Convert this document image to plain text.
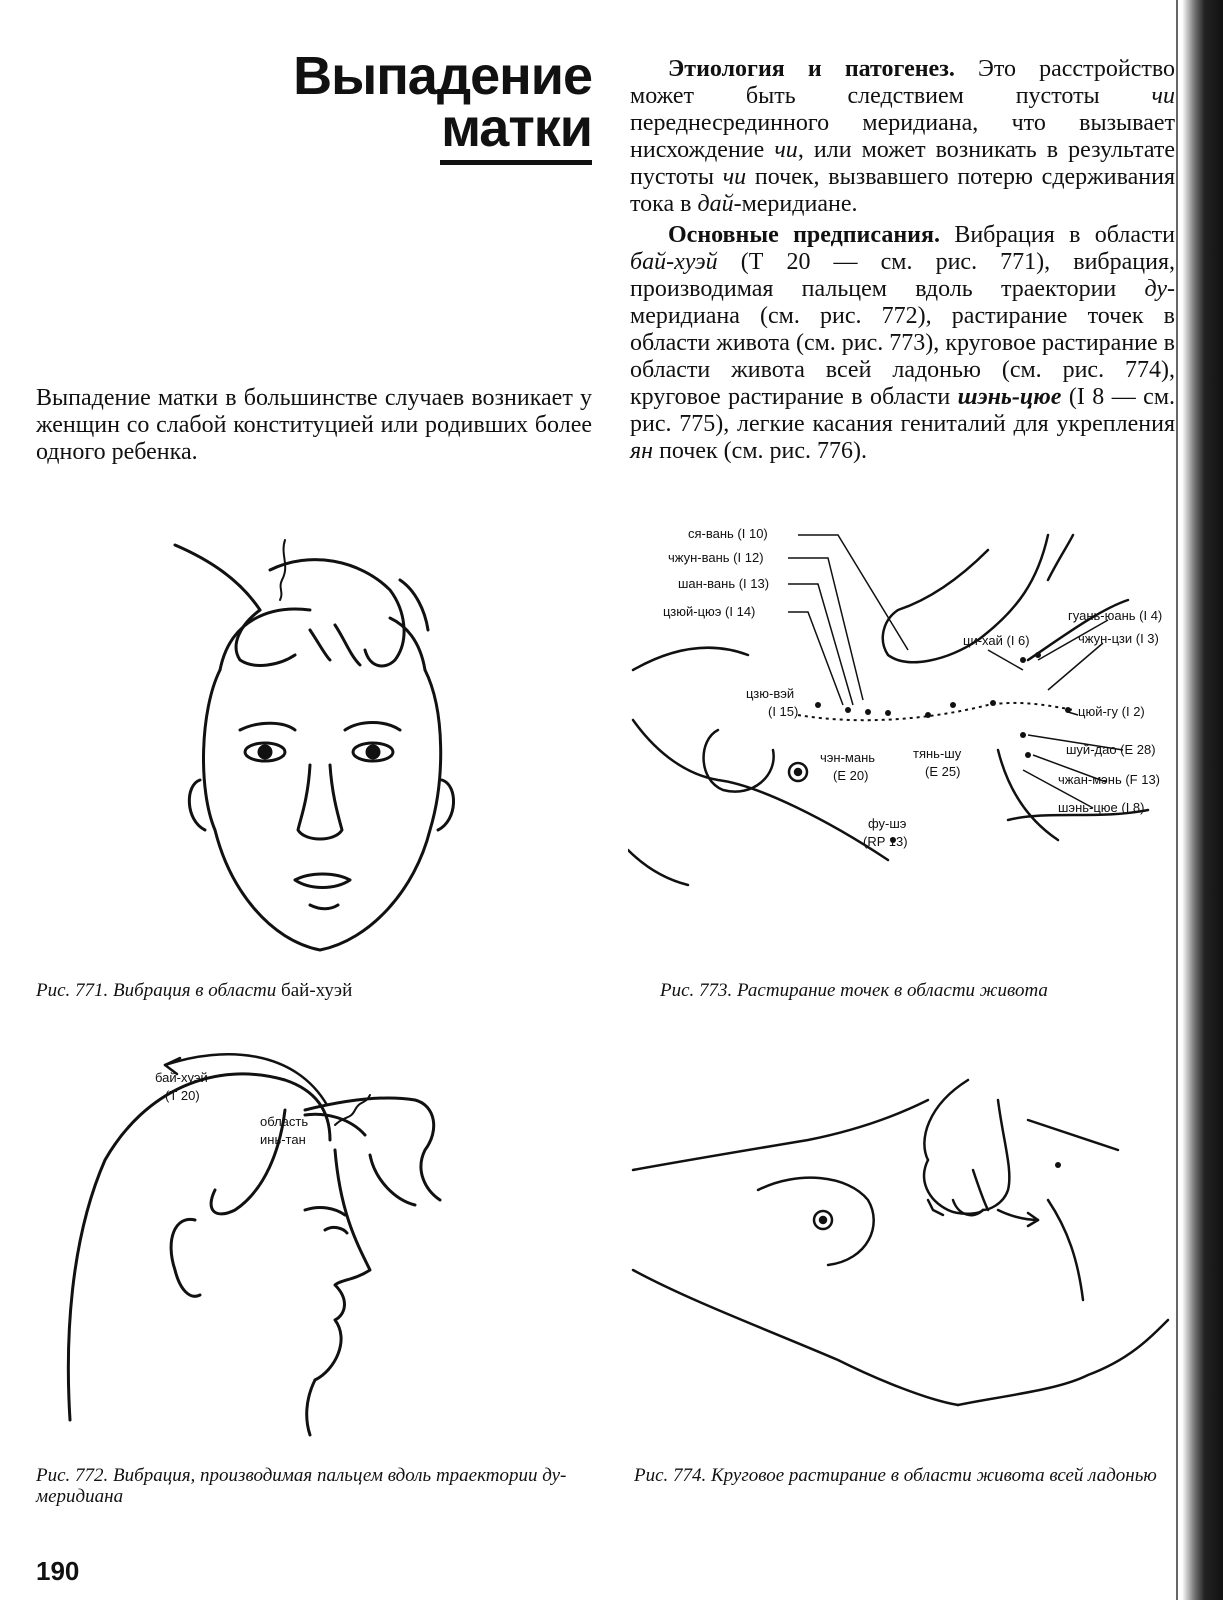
Выпадение
матки
Выпадение матки в большинстве случаев возникает у женщин со слабой конституцией или родивших более одного ребенка.

Этиология и патогенез. Это расстройство может быть следствием пустоты чи переднесрединного меридиана, что вызывает нисхождение чи, или может возникать в результате пустоты чи почек, вызвавшего потерю сдерживания тока в дай-меридиане.

Основные предписания. Вибрация в области бай-хуэй (Т 20 — см. рис. 771), вибрация, производимая пальцем вдоль траектории ду-меридиана (см. рис. 772), растирание точек в области живота (см. рис. 773), круговое растирание в области живота всей ладонью (см. рис. 774), круговое растирание в области шэнь-цюе (I 8 — см. рис. 775), легкие касания гениталий для укрепления ян почек (см. рис. 776).

Рис. 771. Вибрация в области бай-хуэй
ся-вань (I 10)
чжун-вань (I 12)
шан-вань (I 13)
цзюй-цюэ (I 14)
цзю-вэй
(I 15)
чэн-мань
(Е 20)
тянь-шу
(Е 25)
фу-шэ
(RP 13)
ци-хай (I 6)
гуань-юань (I 4)
чжун-цзи (I 3)
цюй-гу (I 2)
шуй-дао (Е 28)
чжан-мэнь (F 13)
шэнь-цюе (I 8)
Рис. 773. Растирание точек в области живота
бай-хуэй
(Т 20)
область
инь-тан
Рис. 772. Вибрация, производимая пальцем вдоль траектории ду-меридиана
Рис. 774. Круговое растирание в области живота всей ладонью
190
